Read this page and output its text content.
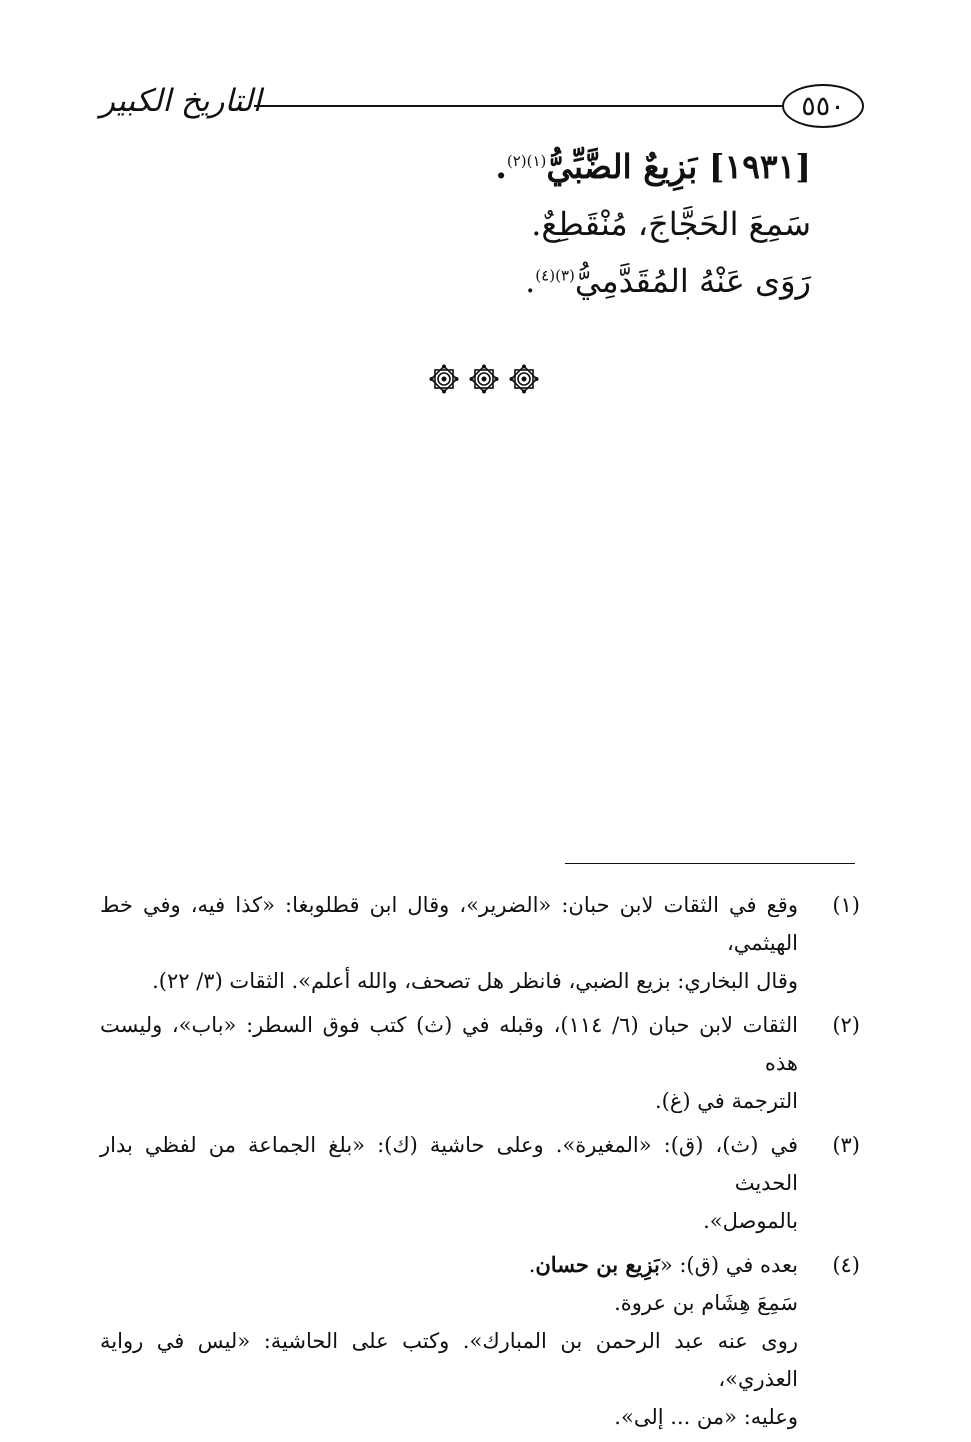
التاريخ الكبير	٥٥٠
[١٩٣١] بَزِيعٌ الضَّبِّيُّ$^{(١)(٢)}$.
سَمِعَ الحَجَّاجَ، مُنْقَطِعٌ.
رَوَى عَنْهُ المُقَدَّمِيُّ$^{(٣)(٤)}$.
(١)
وقع في الثقات لابن حبان: «الضرير»، وقال ابن قطلوبغا: «كذا فيه، وفي خط الهيثمي،
وقال البخاري: بزيع الضبي، فانظر هل تصحف، والله أعلم». الثقات (٣/ ٢٢).
(٢)
الثقات لابن حبان (٦/ ١١٤)، وقبله في (ث) كتب فوق السطر: «باب»، وليست هذه
الترجمة في (غ).
(٣)
في (ث)، (ق): «المغيرة». وعلى حاشية (ك): «بلغ الجماعة من لفظي بدار الحديث
بالموصل».
(٤)
بعده في (ق): «بَزِيع بن حسان.
سَمِعَ هِشَام بن عروة.
روى عنه عبد الرحمن بن المبارك». وكتب على الحاشية: «ليس في رواية العذري»،
وعليه: «من ... إلى».
